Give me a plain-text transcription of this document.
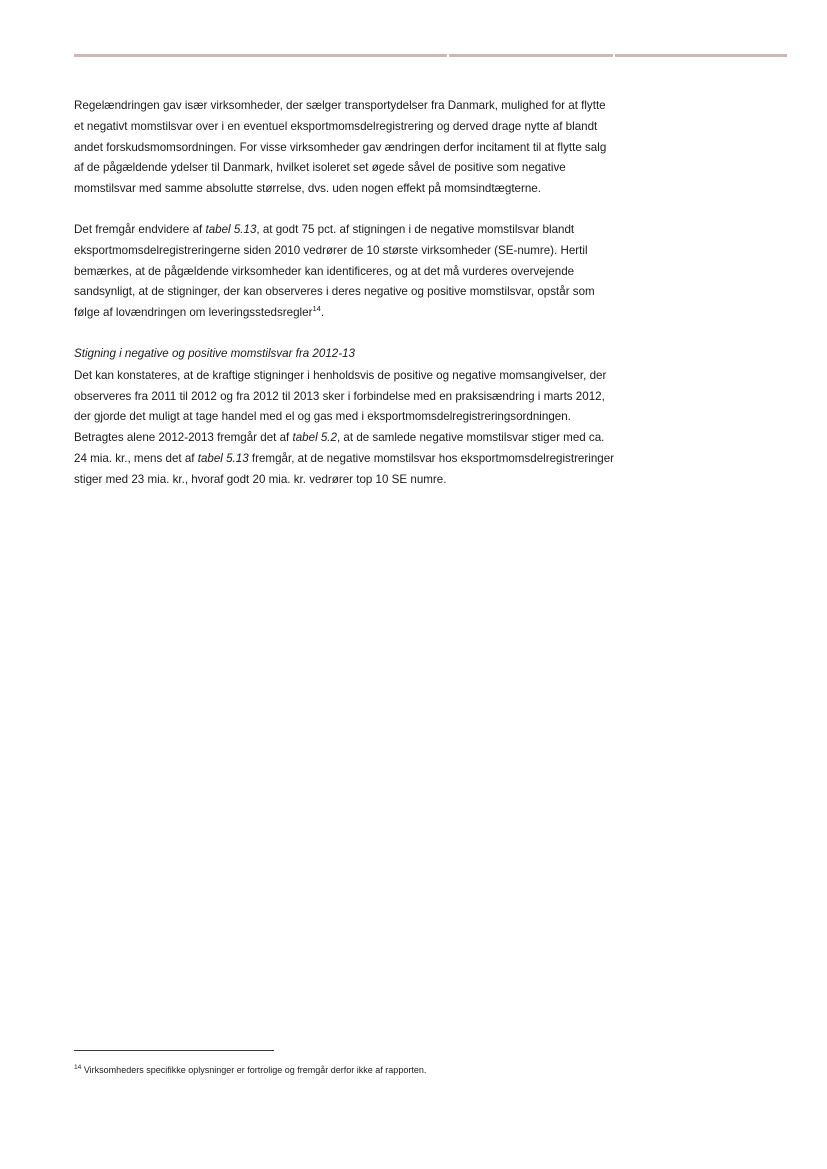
Regelændringen gav især virksomheder, der sælger transportydelser fra Danmark, mulighed for at flytte et negativt momstilsvar over i en eventuel eksportmomsdelregistrering og derved drage nytte af blandt andet forskudsmomsordningen. For visse virksomheder gav ændringen derfor incitament til at flytte salg af de pågældende ydelser til Danmark, hvilket isoleret set øgede såvel de positive som negative momstilsvar med samme absolutte størrelse, dvs. uden nogen effekt på momsindtægterne.

Det fremgår endvidere af tabel 5.13, at godt 75 pct. af stigningen i de negative momstilsvar blandt eksportmomsdelregistreringerne siden 2010 vedrører de 10 største virksomheder (SE-numre). Hertil bemærkes, at de pågældende virksomheder kan identificeres, og at det må vurderes overvejende sandsynligt, at de stigninger, der kan observeres i deres negative og positive momstilsvar, opstår som følge af lovændringen om leveringsstedsregler$^{14}$.

Stigning i negative og positive momstilsvar fra 2012-13

Det kan konstateres, at de kraftige stigninger i henholdsvis de positive og negative momsangivelser, der observeres fra 2011 til 2012 og fra 2012 til 2013 sker i forbindelse med en praksisændring i marts 2012, der gjorde det muligt at tage handel med el og gas med i eksportmomsdelregistreringsordningen. Betragtes alene 2012-2013 fremgår det af tabel 5.2, at de samlede negative momstilsvar stiger med ca. 24 mia. kr., mens det af tabel 5.13 fremgår, at de negative momstilsvar hos eksportmomsdelregistreringer stiger med 23 mia. kr., hvoraf godt 20 mia. kr. vedrører top 10 SE numre.

$^{14}$ Virksomheders specifikke oplysninger er fortrolige og fremgår derfor ikke af rapporten.
